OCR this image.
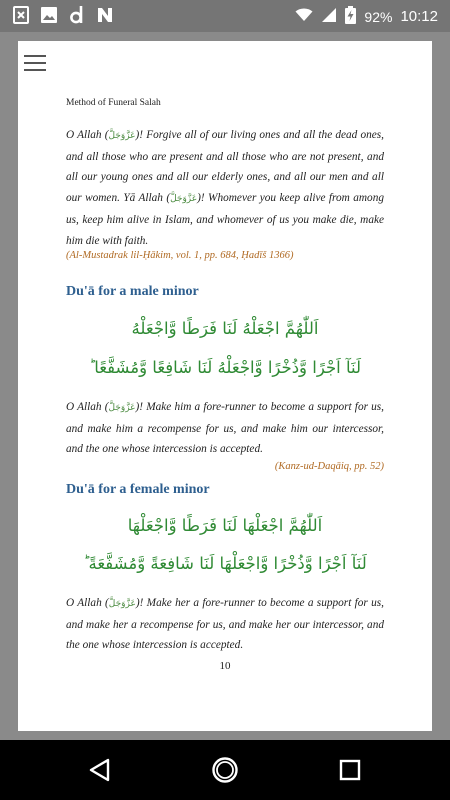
92% 10:12
Method of Funeral Salah
O Allah (عَزَّوَجَلَّ)! Forgive all of our living ones and all the dead ones, and all those who are present and all those who are not present, and all our young ones and all our elderly ones, and all our men and all our women. Yā Allah (عَزَّوَجَلَّ)! Whomever you keep alive from among us, keep him alive in Islam, and whomever of us you make die, make him die with faith.
(Al-Mustadrak lil-Ḥākim, vol. 1, pp. 684, Ḥadīš 1366)
Du'ā for a male minor
اَللّٰهُمَّ اجْعَلْهُ لَنَا فَرَطًا وَّاجْعَلْهُ
لَنَآ اَجْرًا وَّذُخْرًا وَّاجْعَلْهُ لَنَا شَافِعًا وَّمُشَفَّعًا ؕ
O Allah (عَزَّوَجَلَّ)! Make him a fore-runner to become a support for us, and make him a recompense for us, and make him our intercessor, and the one whose intercession is accepted.
(Kanz-ud-Daqāiq, pp. 52)
Du'ā for a female minor
اَللّٰهُمَّ اجْعَلْهَا لَنَا فَرَطًا وَّاجْعَلْهَا
لَنَآ اَجْرًا وَّذُخْرًا وَّاجْعَلْهَا لَنَا شَافِعَةً وَّمُشَفَّعَةً ؕ
O Allah (عَزَّوَجَلَّ)! Make her a fore-runner to become a support for us, and make her a recompense for us, and make her our intercessor, and the one whose intercession is accepted.
10
